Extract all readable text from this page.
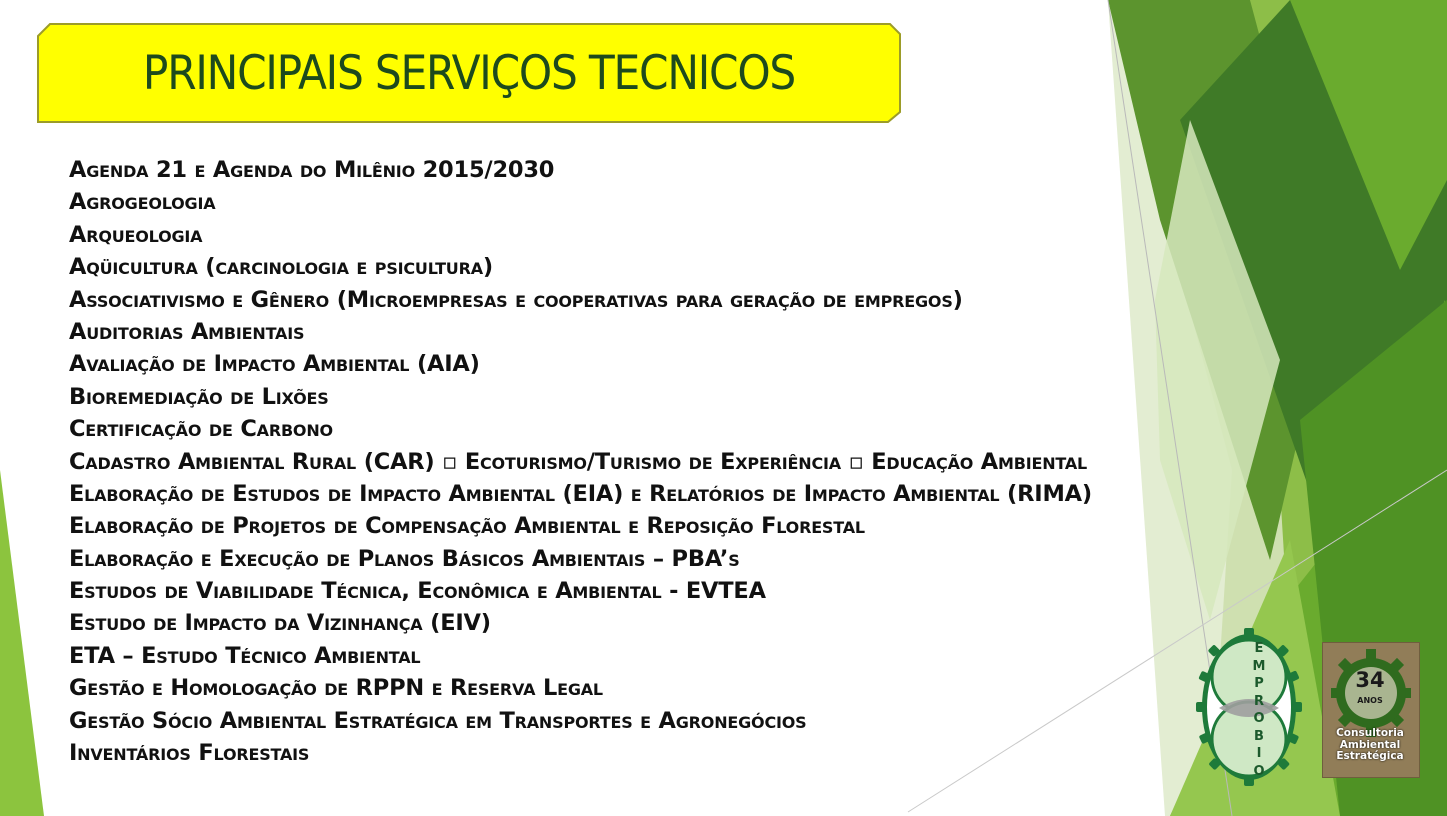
PRINCIPAIS SERVIÇOS TECNICOS
Agenda 21 e Agenda do Milênio 2015/2030
Agrogeologia
Arqueologia
Aqüicultura (carcinologia e psicultura)
Associativismo e Gênero (Microempresas e cooperativas para geração de empregos)
Auditorias Ambientais
Avaliação de Impacto Ambiental (AIA)
Bioremediação de Lixões
Certificação de Carbono
Cadastro Ambiental Rural (CAR) ▫ Ecoturismo/Turismo de Experiência ▫ Educação Ambiental
Elaboração de Estudos de Impacto Ambiental (EIA) e Relatórios de Impacto Ambiental (RIMA)
Elaboração de Projetos de Compensação Ambiental e Reposição Florestal
Elaboração e Execução de Planos Básicos Ambientais – PBA’s
Estudos de Viabilidade Técnica, Econômica e Ambiental - EVTEA
Estudo de Impacto da Vizinhança (EIV)
ETA – Estudo Técnico Ambiental
Gestão e Homologação de RPPN e Reserva Legal
Gestão Sócio Ambiental Estratégica em Transportes e Agronegócios
Inventários Florestais
E
M
P
R
O
B
I
O
34
ANOS
Consultoria
Ambiental
Estratégica
